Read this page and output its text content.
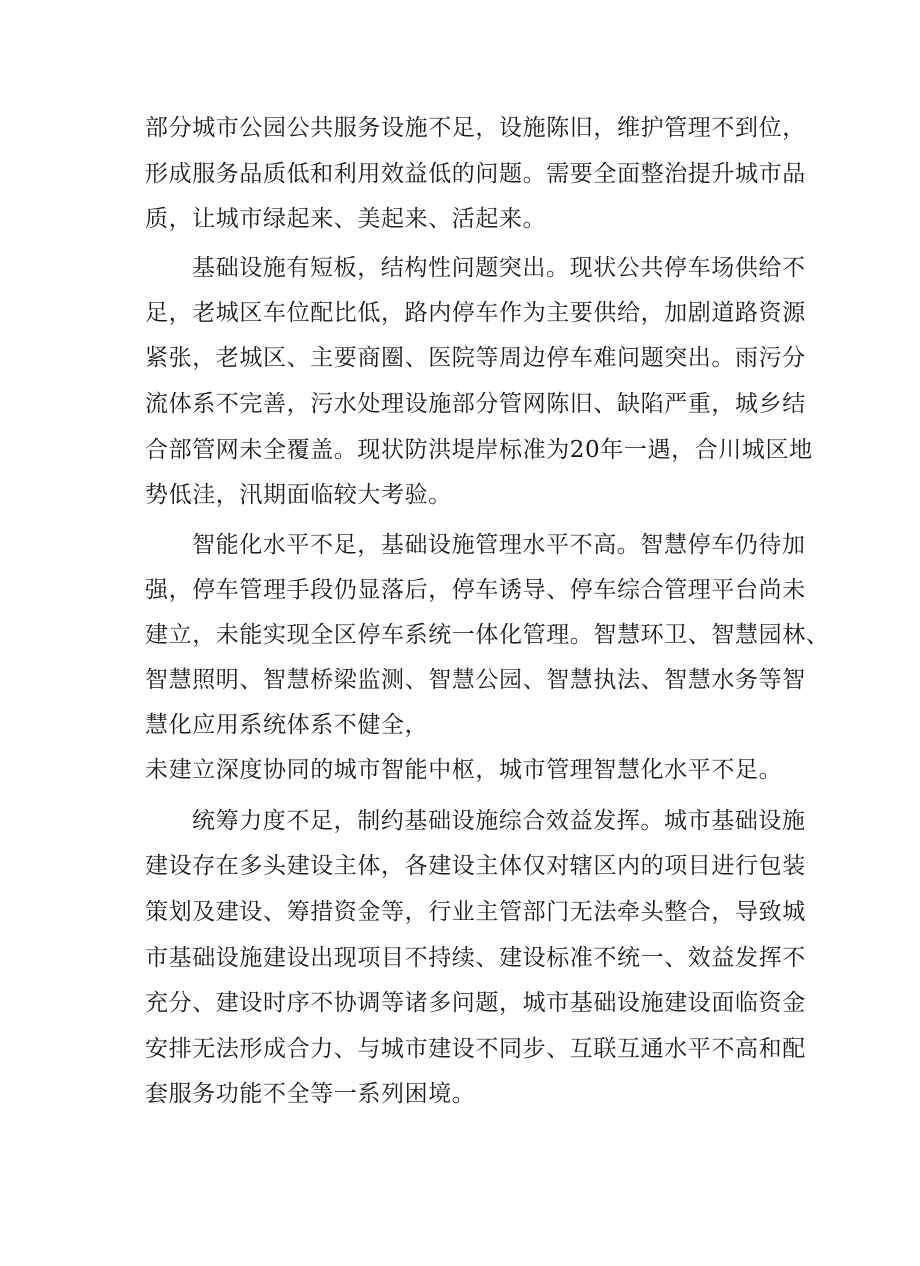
部分城市公园公共服务设施不足，设施陈旧，维护管理不到位，
形成服务品质低和利用效益低的问题。需要全面整治提升城市品
质，让城市绿起来、美起来、活起来。
基础设施有短板，结构性问题突出。现状公共停车场供给不
足，老城区车位配比低，路内停车作为主要供给，加剧道路资源
紧张，老城区、主要商圈、医院等周边停车难问题突出。雨污分
流体系不完善，污水处理设施部分管网陈旧、缺陷严重，城乡结
合部管网未全覆盖。现状防洪堤岸标准为20年一遇，合川城区地
势低洼，汛期面临较大考验。
智能化水平不足，基础设施管理水平不高。智慧停车仍待加
强，停车管理手段仍显落后，停车诱导、停车综合管理平台尚未
建立，未能实现全区停车系统一体化管理。智慧环卫、智慧园林、
智慧照明、智慧桥梁监测、智慧公园、智慧执法、智慧水务等智
慧化应用系统体系不健全，
未建立深度协同的城市智能中枢，城市管理智慧化水平不足。
统筹力度不足，制约基础设施综合效益发挥。城市基础设施
建设存在多头建设主体，各建设主体仅对辖区内的项目进行包装
策划及建设、筹措资金等，行业主管部门无法牵头整合，导致城
市基础设施建设出现项目不持续、建设标准不统一、效益发挥不
充分、建设时序不协调等诸多问题，城市基础设施建设面临资金
安排无法形成合力、与城市建设不同步、互联互通水平不高和配
套服务功能不全等一系列困境。
